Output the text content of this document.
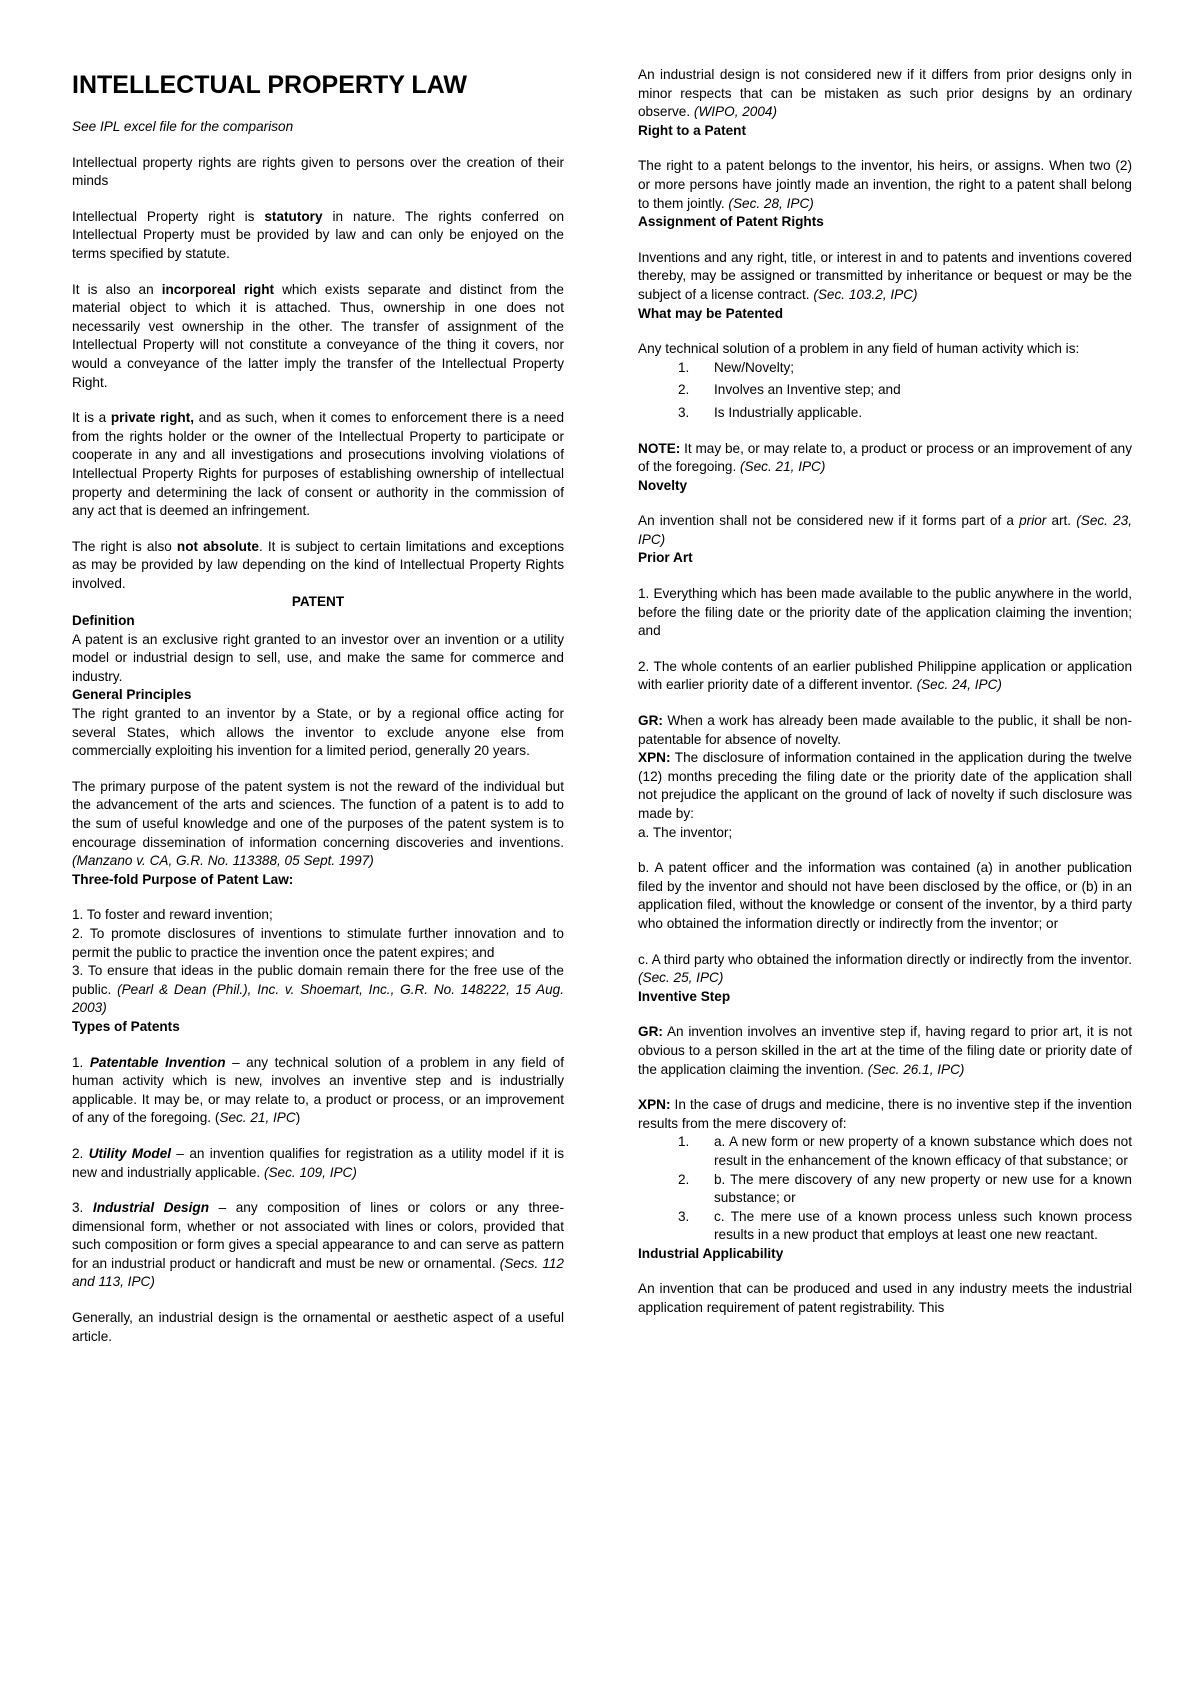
INTELLECTUAL PROPERTY LAW

See IPL excel file for the comparison

Intellectual property rights are rights given to persons over the creation of their minds

Intellectual Property right is statutory in nature. The rights conferred on Intellectual Property must be provided by law and can only be enjoyed on the terms specified by statute.

It is also an incorporeal right which exists separate and distinct from the material object to which it is attached. Thus, ownership in one does not necessarily vest ownership in the other. The transfer of assignment of the Intellectual Property will not constitute a conveyance of the thing it covers, nor would a conveyance of the latter imply the transfer of the Intellectual Property Right.

It is a private right, and as such, when it comes to enforcement there is a need from the rights holder or the owner of the Intellectual Property to participate or cooperate in any and all investigations and prosecutions involving violations of Intellectual Property Rights for purposes of establishing ownership of intellectual property and determining the lack of consent or authority in the commission of any act that is deemed an infringement.

The right is also not absolute. It is subject to certain limitations and exceptions as may be provided by law depending on the kind of Intellectual Property Rights involved.

PATENT

Definition

A patent is an exclusive right granted to an investor over an invention or a utility model or industrial design to sell, use, and make the same for commerce and industry.

General Principles

The right granted to an inventor by a State, or by a regional office acting for several States, which allows the inventor to exclude anyone else from commercially exploiting his invention for a limited period, generally 20 years.

The primary purpose of the patent system is not the reward of the individual but the advancement of the arts and sciences. The function of a patent is to add to the sum of useful knowledge and one of the purposes of the patent system is to encourage dissemination of information concerning discoveries and inventions. (Manzano v. CA, G.R. No. 113388, 05 Sept. 1997)

Three-fold Purpose of Patent Law:

1. To foster and reward invention;

2. To promote disclosures of inventions to stimulate further innovation and to permit the public to practice the invention once the patent expires; and

3. To ensure that ideas in the public domain remain there for the free use of the public. (Pearl & Dean (Phil.), Inc. v. Shoemart, Inc., G.R. No. 148222, 15 Aug. 2003)

Types of Patents

1. Patentable Invention – any technical solution of a problem in any field of human activity which is new, involves an inventive step and is industrially applicable. It may be, or may relate to, a product or process, or an improvement of any of the foregoing. (Sec. 21, IPC)

2. Utility Model – an invention qualifies for registration as a utility model if it is new and industrially applicable. (Sec. 109, IPC)

3. Industrial Design – any composition of lines or colors or any three-dimensional form, whether or not associated with lines or colors, provided that such composition or form gives a special appearance to and can serve as pattern for an industrial product or handicraft and must be new or ornamental. (Secs. 112 and 113, IPC)

Generally, an industrial design is the ornamental or aesthetic aspect of a useful article.

An industrial design is not considered new if it differs from prior designs only in minor respects that can be mistaken as such prior designs by an ordinary observe. (WIPO, 2004)

Right to a Patent

The right to a patent belongs to the inventor, his heirs, or assigns. When two (2) or more persons have jointly made an invention, the right to a patent shall belong to them jointly. (Sec. 28, IPC)

Assignment of Patent Rights

Inventions and any right, title, or interest in and to patents and inventions covered thereby, may be assigned or transmitted by inheritance or bequest or may be the subject of a license contract. (Sec. 103.2, IPC)

What may be Patented

Any technical solution of a problem in any field of human activity which is:

1.	New/Novelty;
2.	Involves an Inventive step; and
3.	Is Industrially applicable.

NOTE: It may be, or may relate to, a product or process or an improvement of any of the foregoing. (Sec. 21, IPC)

Novelty

An invention shall not be considered new if it forms part of a prior art. (Sec. 23, IPC)

Prior Art

1. Everything which has been made available to the public anywhere in the world, before the filing date or the priority date of the application claiming the invention; and

2. The whole contents of an earlier published Philippine application or application with earlier priority date of a different inventor. (Sec. 24, IPC)

GR: When a work has already been made available to the public, it shall be non-patentable for absence of novelty.

XPN: The disclosure of information contained in the application during the twelve (12) months preceding the filing date or the priority date of the application shall not prejudice the applicant on the ground of lack of novelty if such disclosure was made by:

a. The inventor;

b. A patent officer and the information was contained (a) in another publication filed by the inventor and should not have been disclosed by the office, or (b) in an application filed, without the knowledge or consent of the inventor, by a third party who obtained the information directly or indirectly from the inventor; or

c. A third party who obtained the information directly or indirectly from the inventor. (Sec. 25, IPC)

Inventive Step

GR: An invention involves an inventive step if, having regard to prior art, it is not obvious to a person skilled in the art at the time of the filing date or priority date of the application claiming the invention. (Sec. 26.1, IPC)

XPN: In the case of drugs and medicine, there is no inventive step if the invention results from the mere discovery of:

1.	a. A new form or new property of a known substance which does not result in the enhancement of the known efficacy of that substance; or
2.	b. The mere discovery of any new property or new use for a known substance; or
3.	c. The mere use of a known process unless such known process results in a new product that employs at least one new reactant.

Industrial Applicability

An invention that can be produced and used in any industry meets the industrial application requirement of patent registrability. This
